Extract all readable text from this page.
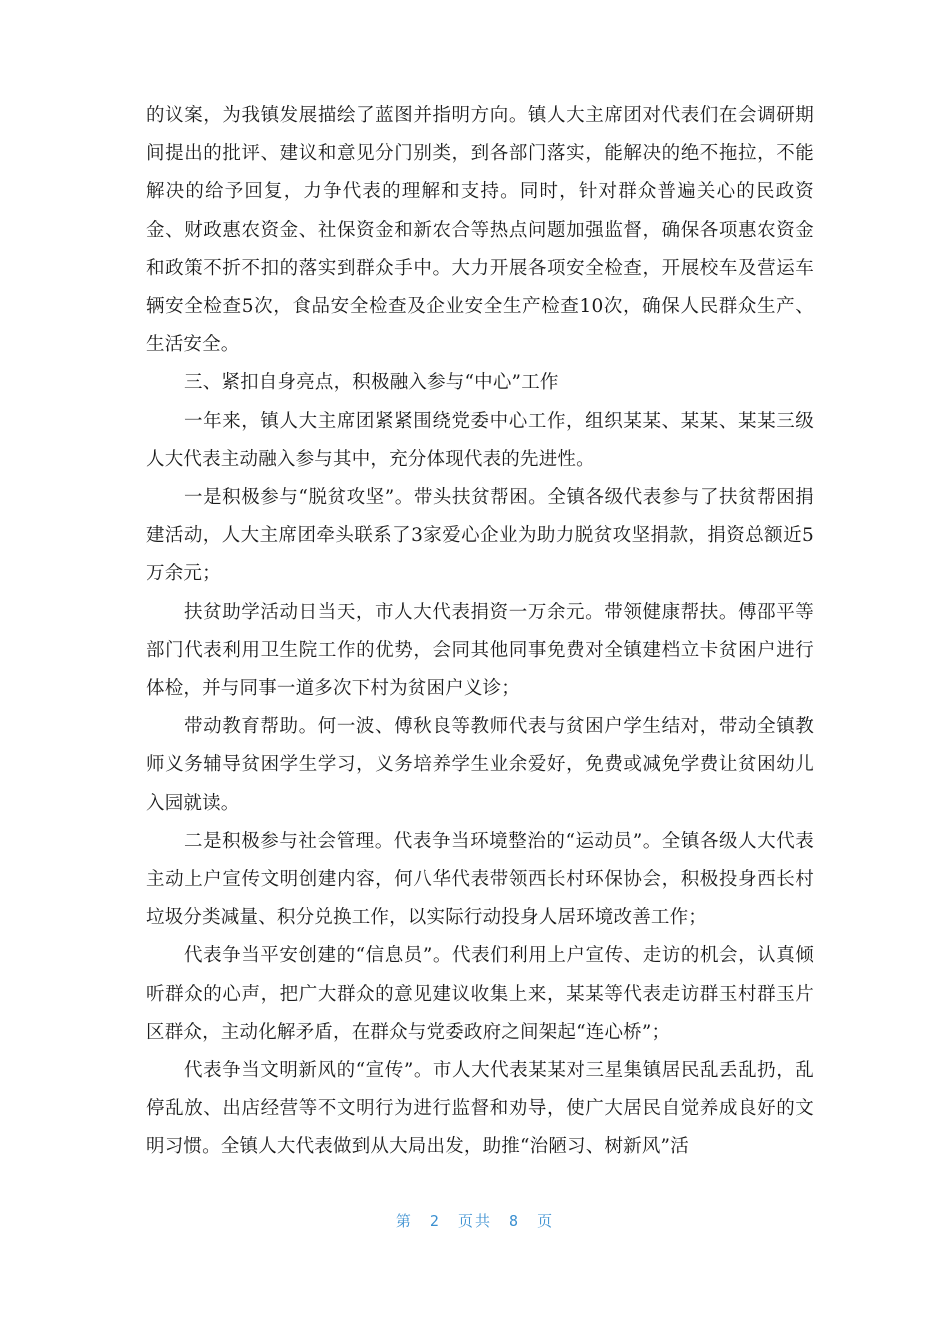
的议案，为我镇发展描绘了蓝图并指明方向。镇人大主席团对代表们在会调研期间提出的批评、建议和意见分门别类，到各部门落实，能解决的绝不拖拉，不能解决的给予回复，力争代表的理解和支持。同时，针对群众普遍关心的民政资金、财政惠农资金、社保资金和新农合等热点问题加强监督，确保各项惠农资金和政策不折不扣的落实到群众手中。大力开展各项安全检查，开展校车及营运车辆安全检查5次，食品安全检查及企业安全生产检查10次，确保人民群众生产、生活安全。

三、紧扣自身亮点，积极融入参与“中心”工作

一年来，镇人大主席团紧紧围绕党委中心工作，组织某某、某某、某某三级人大代表主动融入参与其中，充分体现代表的先进性。

一是积极参与“脱贫攻坚”。带头扶贫帮困。全镇各级代表参与了扶贫帮困捐建活动，人大主席团牵头联系了3家爱心企业为助力脱贫攻坚捐款，捐资总额近5万余元；

扶贫助学活动日当天，市人大代表捐资一万余元。带领健康帮扶。傅邵平等部门代表利用卫生院工作的优势，会同其他同事免费对全镇建档立卡贫困户进行体检，并与同事一道多次下村为贫困户义诊；

带动教育帮助。何一波、傅秋良等教师代表与贫困户学生结对，带动全镇教师义务辅导贫困学生学习，义务培养学生业余爱好，免费或减免学费让贫困幼儿入园就读。

二是积极参与社会管理。代表争当环境整治的“运动员”。全镇各级人大代表主动上户宣传文明创建内容，何八华代表带领西长村环保协会，积极投身西长村垃圾分类减量、积分兑换工作，以实际行动投身人居环境改善工作；

代表争当平安创建的“信息员”。代表们利用上户宣传、走访的机会，认真倾听群众的心声，把广大群众的意见建议收集上来，某某等代表走访群玉村群玉片区群众，主动化解矛盾，在群众与党委政府之间架起“连心桥”；

代表争当文明新风的“宣传”。市人大代表某某对三星集镇居民乱丢乱扔，乱停乱放、出店经营等不文明行为进行监督和劝导，使广大居民自觉养成良好的文明习惯。全镇人大代表做到从大局出发，助推“治陋习、树新风”活

第 2 页共 8 页
